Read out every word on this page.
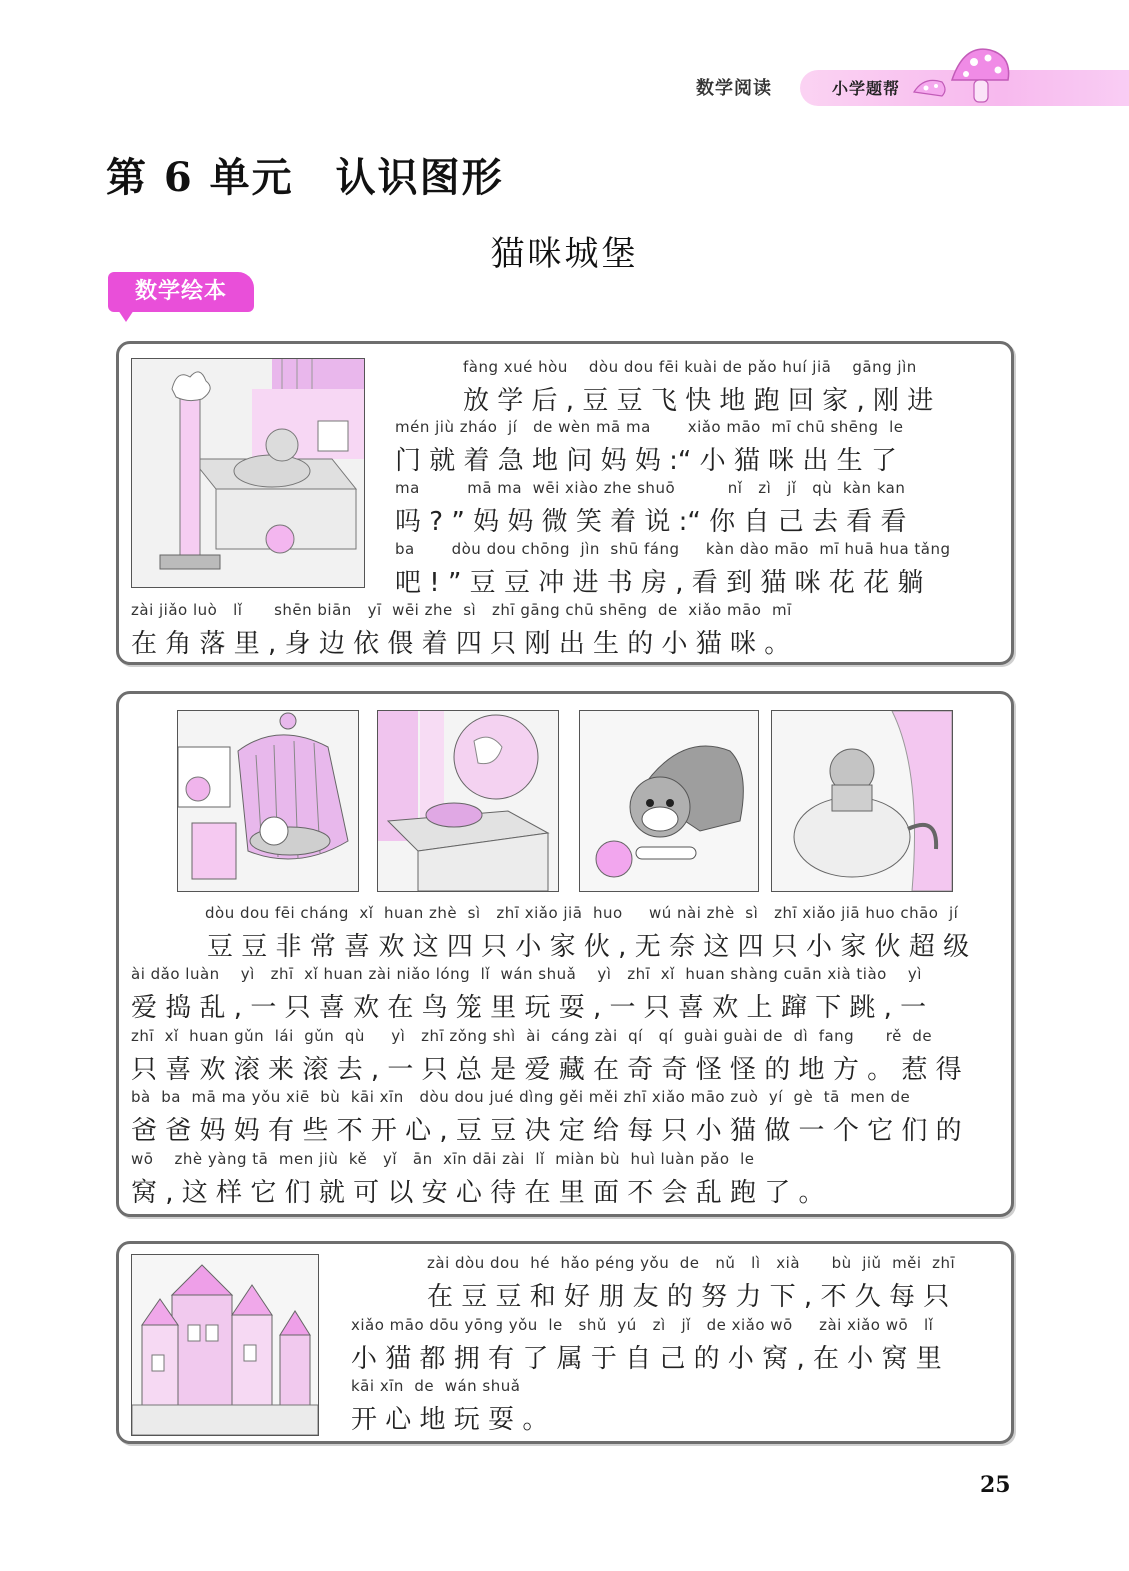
数学阅读	小学题帮
第 6 单元　认识图形
猫咪城堡
数学绘本
fàng xué hòu    dòu dou fēi kuài de pǎo huí jiā    gāng jìn
放 学 后 , 豆 豆 飞 快 地 跑 回 家 , 刚 进
mén jiù zháo  jí   de wèn mā ma       xiǎo māo  mī chū shēng  le
门 就 着 急 地 问 妈 妈 :“ 小 猫 咪 出 生 了
ma         mā ma  wēi xiào zhe shuō          nǐ   zì   jǐ   qù  kàn kan
吗 ? ” 妈 妈 微 笑 着 说 :“ 你 自 己 去 看 看
ba       dòu dou chōng  jìn  shū fáng     kàn dào māo  mī huā hua tǎng
吧 ! ” 豆 豆 冲 进 书 房 , 看 到 猫 咪 花 花 躺
zài jiǎo luò   lǐ      shēn biān   yī  wēi zhe  sì   zhī gāng chū shēng  de  xiǎo māo  mī
在 角 落 里 , 身 边 依 偎 着 四 只 刚 出 生 的 小 猫 咪 。
dòu dou fēi cháng  xǐ  huan zhè  sì   zhī xiǎo jiā  huo     wú nài zhè  sì   zhī xiǎo jiā huo chāo  jí
豆 豆 非 常 喜 欢 这 四 只 小 家 伙 , 无 奈 这 四 只 小 家 伙 超 级
ài dǎo luàn    yì   zhī  xǐ huan zài niǎo lóng  lǐ  wán shuǎ    yì   zhī  xǐ  huan shàng cuān xià tiào    yì
爱 捣 乱 , 一 只 喜 欢 在 鸟 笼 里 玩 耍 , 一 只 喜 欢 上 蹿 下 跳 , 一
zhī  xǐ  huan gǔn  lái  gǔn  qù     yì   zhī zǒng shì  ài  cáng zài  qí   qí  guài guài de  dì  fang      rě  de
只 喜 欢 滚 来 滚 去 , 一 只 总 是 爱 藏 在 奇 奇 怪 怪 的 地 方 。 惹 得
bà  ba  mā ma yǒu xiē  bù  kāi xīn   dòu dou jué dìng gěi měi zhī xiǎo māo zuò  yí  gè  tā  men de
爸 爸 妈 妈 有 些 不 开 心 , 豆 豆 决 定 给 每 只 小 猫 做 一 个 它 们 的
wō    zhè yàng tā  men jiù  kě   yǐ   ān  xīn dāi zài  lǐ  miàn bù  huì luàn pǎo  le
窝 , 这 样 它 们 就 可 以 安 心 待 在 里 面 不 会 乱 跑 了 。
zài dòu dou  hé  hǎo péng yǒu  de   nǔ   lì   xià      bù  jiǔ  měi  zhī
在 豆 豆 和 好 朋 友 的 努 力 下 , 不 久 每 只
xiǎo māo dōu yōng yǒu  le   shǔ  yú   zì   jǐ   de xiǎo wō     zài xiǎo wō   lǐ
小 猫 都 拥 有 了 属 于 自 己 的 小 窝 , 在 小 窝 里
kāi xīn  de  wán shuǎ
开 心 地 玩 耍 。
25
